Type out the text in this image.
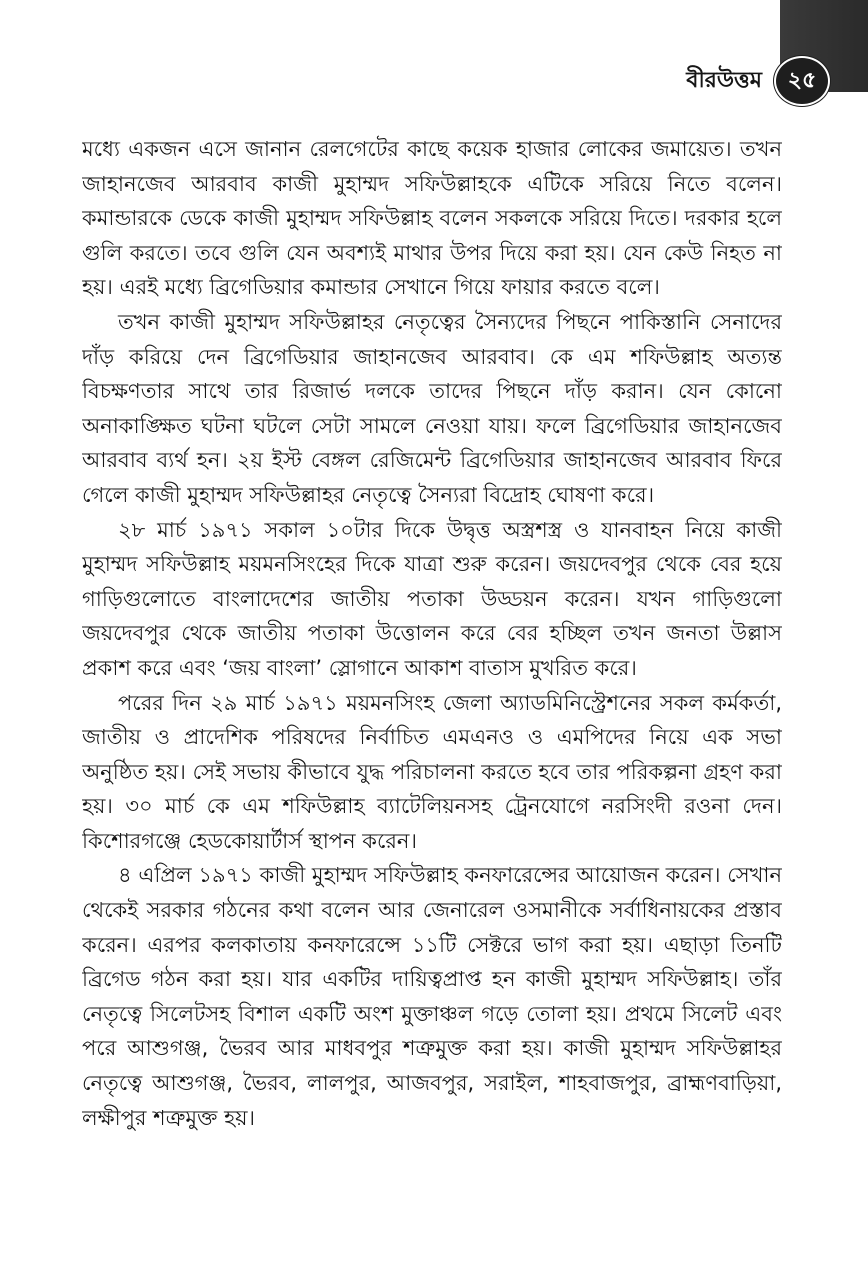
বীরউত্তম	২৫

মধ্যে একজন এসে জানান রেলগেটের কাছে কয়েক হাজার লোকের জমায়েত। তখন জাহানজেব আরবাব কাজী মুহাম্মদ সফিউল্লাহকে এটিকে সরিয়ে নিতে বলেন। কমান্ডারকে ডেকে কাজী মুহাম্মদ সফিউল্লাহ বলেন সকলকে সরিয়ে দিতে। দরকার হলে গুলি করতে। তবে গুলি যেন অবশ্যই মাথার উপর দিয়ে করা হয়। যেন কেউ নিহত না হয়। এরই মধ্যে ব্রিগেডিয়ার কমান্ডার সেখানে গিয়ে ফায়ার করতে বলে।

তখন কাজী মুহাম্মদ সফিউল্লাহর নেতৃত্বের সৈন্যদের পিছনে পাকিস্তানি সেনাদের দাঁড় করিয়ে দেন ব্রিগেডিয়ার জাহানজেব আরবাব। কে এম শফিউল্লাহ অত্যন্ত বিচক্ষণতার সাথে তার রিজার্ভ দলকে তাদের পিছনে দাঁড় করান। যেন কোনো অনাকাঙ্ক্ষিত ঘটনা ঘটলে সেটা সামলে নেওয়া যায়। ফলে ব্রিগেডিয়ার জাহানজেব আরবাব ব্যর্থ হন। ২য় ইস্ট বেঙ্গল রেজিমেন্ট ব্রিগেডিয়ার জাহানজেব আরবাব ফিরে গেলে কাজী মুহাম্মদ সফিউল্লাহর নেতৃত্বে সৈন্যরা বিদ্রোহ ঘোষণা করে।

২৮ মার্চ ১৯৭১ সকাল ১০টার দিকে উদ্বৃত্ত অস্ত্রশস্ত্র ও যানবাহন নিয়ে কাজী মুহাম্মদ সফিউল্লাহ ময়মনসিংহের দিকে যাত্রা শুরু করেন। জয়দেবপুর থেকে বের হয়ে গাড়িগুলোতে বাংলাদেশের জাতীয় পতাকা উড্ডয়ন করেন। যখন গাড়িগুলো জয়দেবপুর থেকে জাতীয় পতাকা উত্তোলন করে বের হচ্ছিল তখন জনতা উল্লাস প্রকাশ করে এবং ‘জয় বাংলা’ স্লোগানে আকাশ বাতাস মুখরিত করে।

পরের দিন ২৯ মার্চ ১৯৭১ ময়মনসিংহ জেলা অ্যাডমিনিস্ট্রেশনের সকল কর্মকর্তা, জাতীয় ও প্রাদেশিক পরিষদের নির্বাচিত এমএনও ও এমপিদের নিয়ে এক সভা অনুষ্ঠিত হয়। সেই সভায় কীভাবে যুদ্ধ পরিচালনা করতে হবে তার পরিকল্পনা গ্রহণ করা হয়। ৩০ মার্চ কে এম শফিউল্লাহ ব্যাটেলিয়নসহ ট্রেনযোগে নরসিংদী রওনা দেন। কিশোরগঞ্জে হেডকোয়ার্টার্স স্থাপন করেন।

৪ এপ্রিল ১৯৭১ কাজী মুহাম্মদ সফিউল্লাহ কনফারেন্সের আয়োজন করেন। সেখান থেকেই সরকার গঠনের কথা বলেন আর জেনারেল ওসমানীকে সর্বাধিনায়কের প্রস্তাব করেন। এরপর কলকাতায় কনফারেন্সে ১১টি সেক্টরে ভাগ করা হয়। এছাড়া তিনটি ব্রিগেড গঠন করা হয়। যার একটির দায়িত্বপ্রাপ্ত হন কাজী মুহাম্মদ সফিউল্লাহ। তাঁর নেতৃত্বে সিলেটসহ বিশাল একটি অংশ মুক্তাঞ্চল গড়ে তোলা হয়। প্রথমে সিলেট এবং পরে আশুগঞ্জ, ভৈরব আর মাধবপুর শত্রুমুক্ত করা হয়। কাজী মুহাম্মদ সফিউল্লাহর নেতৃত্বে আশুগঞ্জ, ভৈরব, লালপুর, আজবপুর, সরাইল, শাহবাজপুর, ব্রাহ্মণবাড়িয়া, লক্ষীপুর শত্রুমুক্ত হয়।
